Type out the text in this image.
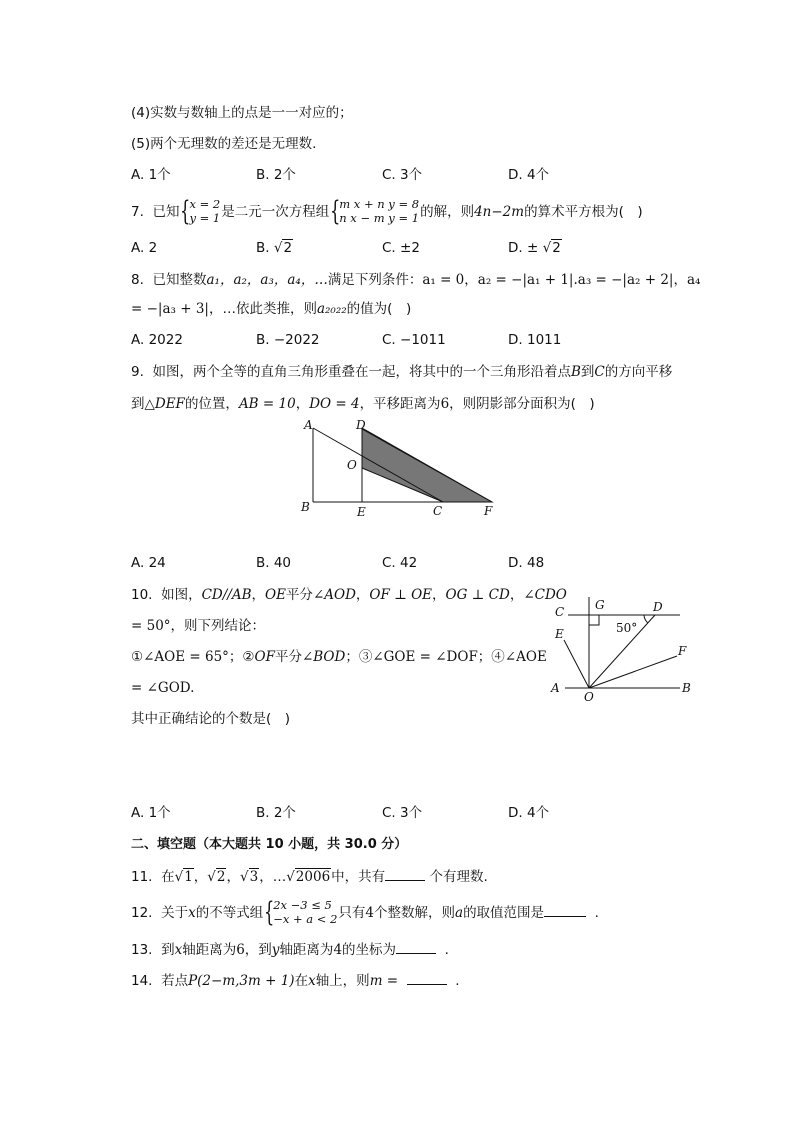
(4)实数与数轴上的点是一一对应的；
(5)两个无理数的差还是无理数.
A. 1个	B. 2个	C. 3个	D. 4个
7. 已知 {
x = 2
y = 1 是二元一次方程组 {
m x + n y = 8
n x − m y = 1 的解，则4n−2m的算术平方根为(　)
A. 2	B. √2	C. ±2	D. ± √2
8. 已知整数a₁，a₂，a₃，a₄，…满足下列条件：a₁ = 0，a₂ = −|a₁ + 1|.a₃ = −|a₂ + 2|，a₄
= −|a₃ + 3|，…依此类推，则a₂₀₂₂的值为(　)
A. 2022	B. −2022	C. −1011	D. 1011
9. 如图，两个全等的直角三角形重叠在一起，将其中的一个三角形沿着点B到C的方向平移
到△DEF的位置，AB = 10，DO = 4，平移距离为6，则阴影部分面积为(　)
A	D
O
B	E	C	F
A. 24	B. 40	C. 42	D. 48
10. 如图，CD//AB，OE平分∠AOD，OF ⊥ OE，OG ⊥ CD，∠CDO
= 50°，则下列结论：
①∠AOE = 65°；②OF平分∠BOD；③∠GOE = ∠DOF；④∠AOE
= ∠GOD.
其中正确结论的个数是(　)
C	G	D
E
F
A
O
B
50°
A. 1个	B. 2个	C. 3个	D. 4个
二、填空题（本大题共 10 小题，共 30.0 分）
11. 在√1，√2，√3，…√2006中，共有	个有理数.
12. 关于x的不等式组 {
2x −3 ≤ 5
−x + a < 2 只有4个整数解，则a的取值范围是	.
13. 到x轴距离为6，到y轴距离为4的坐标为	.
14. 若点P(2−m,3m + 1)在x轴上，则m =	.
